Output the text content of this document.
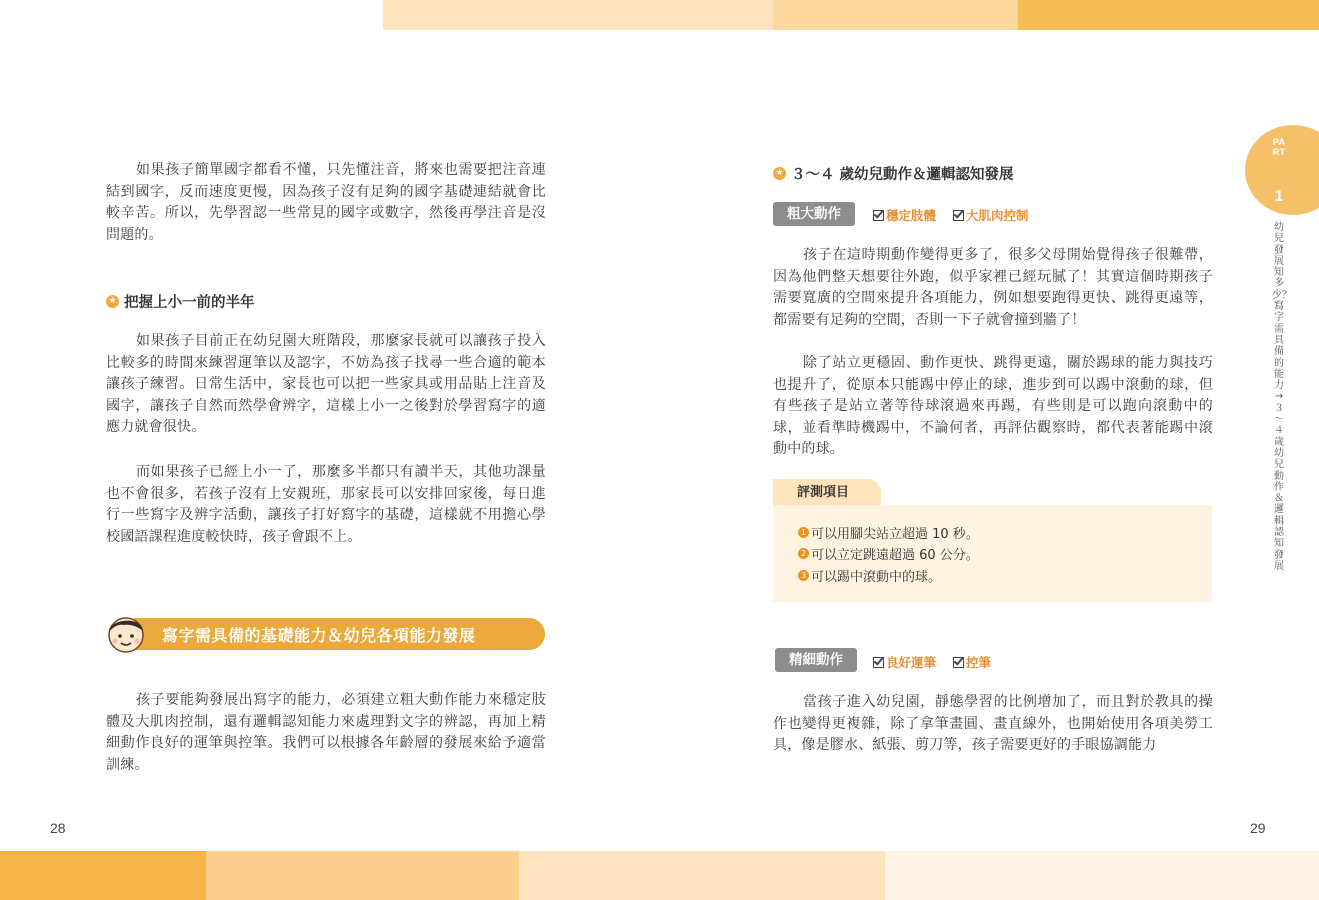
如果孩子簡單國字都看不懂，只先懂注音，將來也需要把注音連結到國字，反而速度更慢，因為孩子沒有足夠的國字基礎連結就會比較辛苦。所以，先學習認一些常見的國字或數字，然後再學注音是沒問題的。

★ 把握上小一前的半年

如果孩子目前正在幼兒園大班階段，那麼家長就可以讓孩子投入比較多的時間來練習運筆以及認字，不妨為孩子找尋一些合適的範本讓孩子練習。日常生活中，家長也可以把一些家具或用品貼上注音及國字，讓孩子自然而然學會辨字，這樣上小一之後對於學習寫字的適應力就會很快。

而如果孩子已經上小一了，那麼多半都只有讀半天，其他功課量也不會很多，若孩子沒有上安親班，那家長可以安排回家後，每日進行一些寫字及辨字活動，讓孩子打好寫字的基礎，這樣就不用擔心學校國語課程進度較快時，孩子會跟不上。

寫字需具備的基礎能力＆幼兒各項能力發展

孩子要能夠發展出寫字的能力，必須建立粗大動作能力來穩定肢體及大肌肉控制，還有邏輯認知能力來處理對文字的辨認，再加上精細動作良好的運筆與控筆。我們可以根據各年齡層的發展來給予適當訓練。

28
★ ３～４ 歲幼兒動作＆邏輯認知發展
粗大動作	穩定肢體 大肌肉控制

孩子在這時期動作變得更多了，很多父母開始覺得孩子很難帶，因為他們整天想要往外跑，似乎家裡已經玩膩了！其實這個時期孩子需要寬廣的空間來提升各項能力，例如想要跑得更快、跳得更遠等，都需要有足夠的空間，否則一下子就會撞到牆了！

除了站立更穩固、動作更快、跳得更遠，關於踢球的能力與技巧也提升了，從原本只能踢中停止的球，進步到可以踢中滾動的球，但有些孩子是站立著等待球滾過來再踢，有些則是可以跑向滾動中的球，並看準時機踢中，不論何者，再評估觀察時，都代表著能踢中滾動中的球。

評測項目
1 可以用腳尖站立超過 10 秒。
2 可以立定跳遠超過 60 公分。
3 可以踢中滾動中的球。
精細動作	良好運筆 控筆

當孩子進入幼兒園，靜態學習的比例增加了，而且對於教具的操作也變得更複雜，除了拿筆畫圓、畫直線外，也開始使用各項美勞工具，像是膠水、紙張、剪刀等，孩子需要更好的手眼協調能力

29
PART
1
幼兒發展知多少？寫字需具備的能力→３～４歲幼兒動作＆邏輯認知發展
